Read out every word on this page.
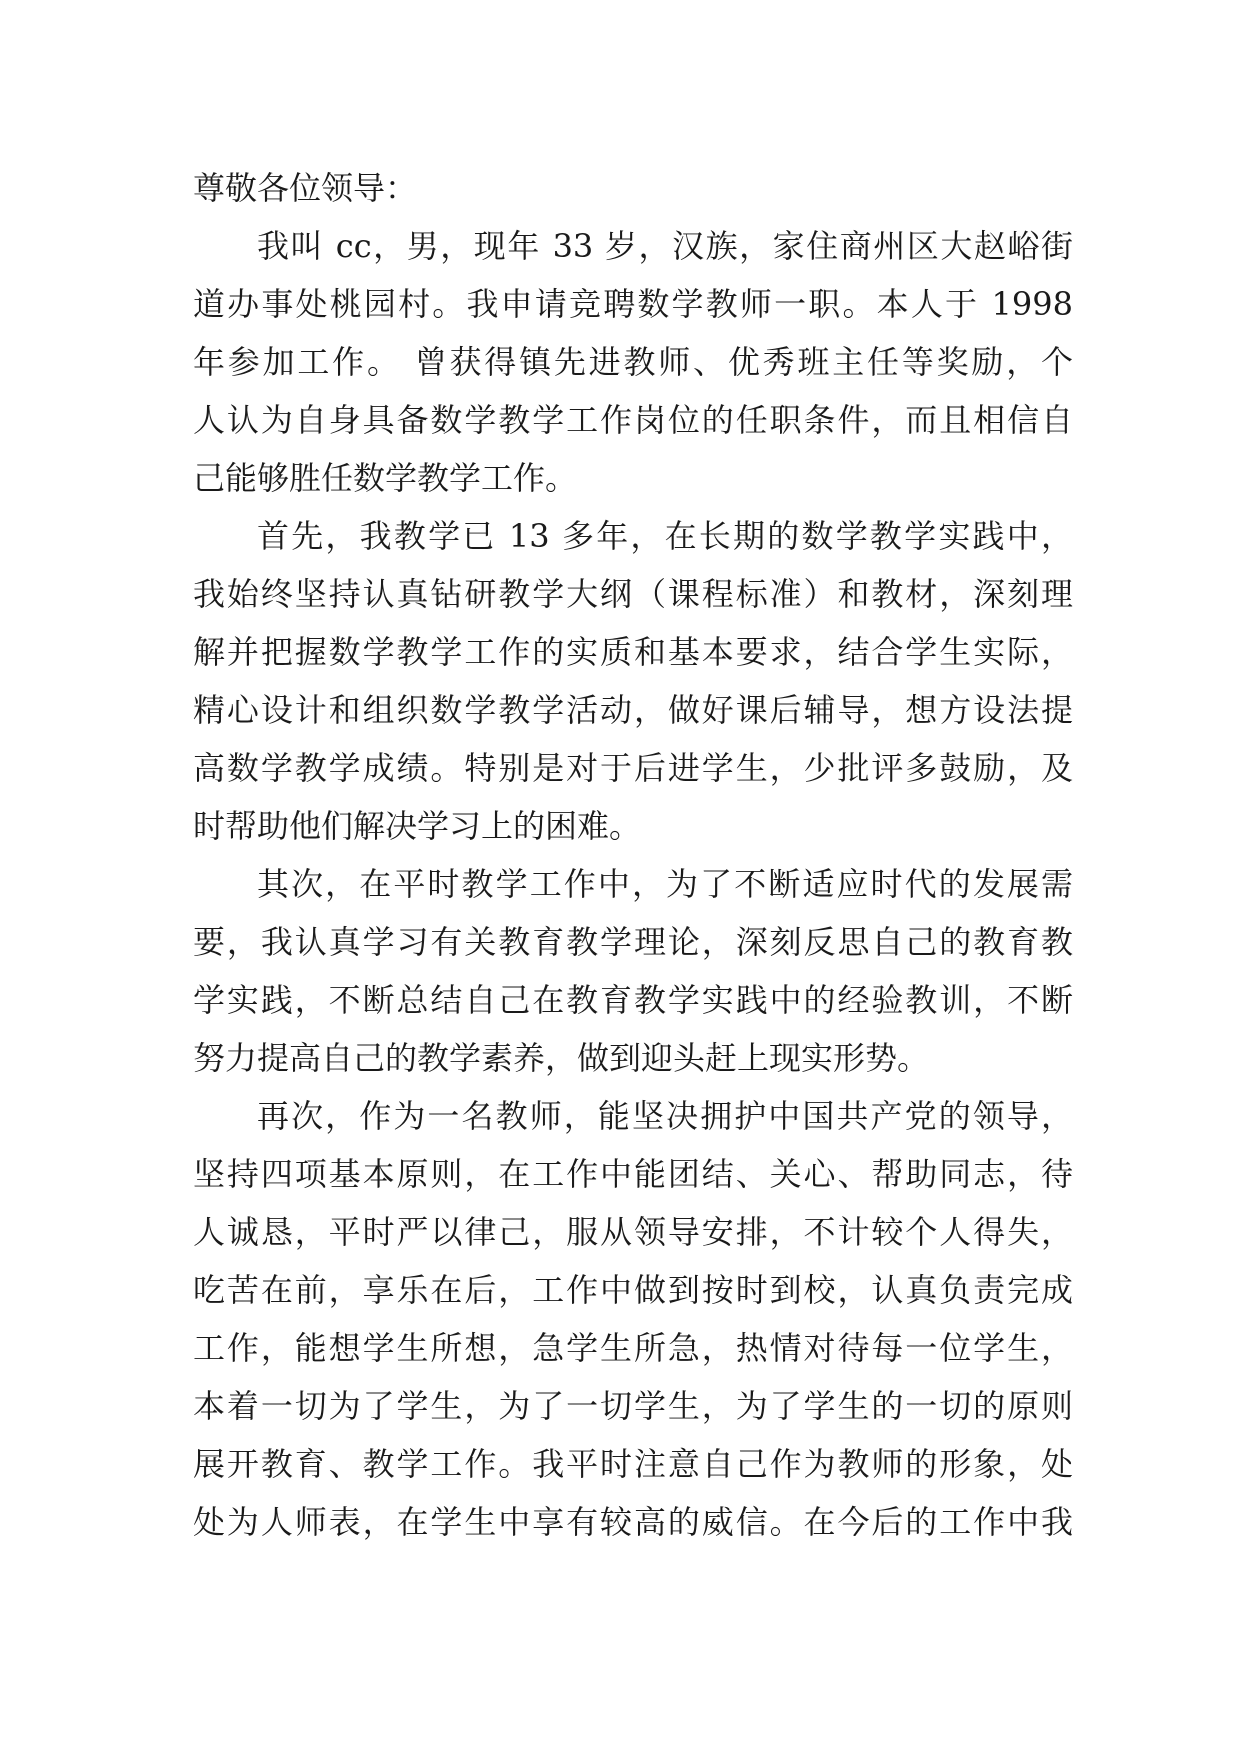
尊敬各位领导：
我叫 cc，男，现年 33 岁，汉族，家住商州区大赵峪街
道办事处桃园村。我申请竞聘数学教师一职。本人于 1998
年参加工作。 曾获得镇先进教师、优秀班主任等奖励，个
人认为自身具备数学教学工作岗位的任职条件，而且相信自
己能够胜任数学教学工作。
首先，我教学已 13 多年，在长期的数学教学实践中，
我始终坚持认真钻研教学大纲（课程标准）和教材，深刻理
解并把握数学教学工作的实质和基本要求，结合学生实际，
精心设计和组织数学教学活动，做好课后辅导，想方设法提
高数学教学成绩。特别是对于后进学生，少批评多鼓励，及
时帮助他们解决学习上的困难。
其次，在平时教学工作中，为了不断适应时代的发展需
要，我认真学习有关教育教学理论，深刻反思自己的教育教
学实践，不断总结自己在教育教学实践中的经验教训，不断
努力提高自己的教学素养，做到迎头赶上现实形势。
再次，作为一名教师，能坚决拥护中国共产党的领导，
坚持四项基本原则，在工作中能团结、关心、帮助同志，待
人诚恳，平时严以律己，服从领导安排，不计较个人得失，
吃苦在前，享乐在后，工作中做到按时到校，认真负责完成
工作，能想学生所想，急学生所急，热情对待每一位学生，
本着一切为了学生，为了一切学生，为了学生的一切的原则
展开教育、教学工作。我平时注意自己作为教师的形象，处
处为人师表，在学生中享有较高的威信。在今后的工作中我
